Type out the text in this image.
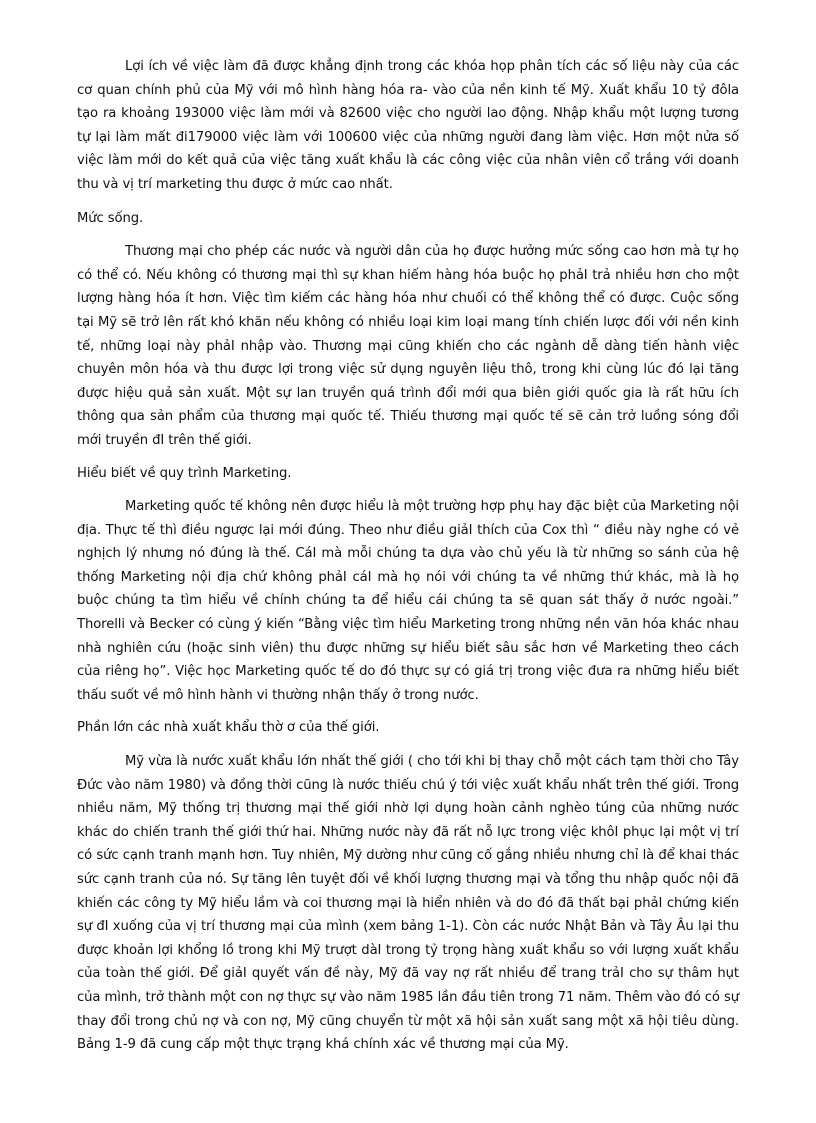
Lợi ích về việc làm đã được khẳng định trong các khóa họp phân tích các số liệu này của các cơ quan chính phủ của Mỹ với mô hình hàng hóa ra- vào của nền kinh tế Mỹ. Xuất khẩu 10 tỷ đôla tạo ra khoảng 193000 việc làm mới và 82600 việc cho người lao động. Nhập khẩu một lượng tương tự lại làm mất đi179000 việc làm với 100600 việc của những người đang làm việc. Hơn một nửa số việc làm mới do kết quả của việc tăng xuất khẩu là các công việc của nhân viên cổ trắng với doanh thu và vị trí marketing thu được ở mức cao nhất.

Mức sống.

Thương mại cho phép các nước và người dân của họ được hưởng mức sống cao hơn mà tự họ có thể có. Nếu không có thương mại thì sự khan hiếm hàng hóa buộc họ phảI trả nhiều hơn cho một lượng hàng hóa ít hơn. Việc tìm kiếm các hàng hóa như chuối có thể không thể có được. Cuộc sống tại Mỹ sẽ trở lên rất khó khăn nếu không có nhiều loại kim loại mang tính chiến lược đối với nền kinh tế, những loại này phảI nhập vào. Thương mại cũng khiến cho các ngành dễ dàng tiến hành việc chuyên môn hóa và thu được lợi trong việc sử dụng nguyên liệu thô, trong khi cùng lúc đó lại tăng được hiệu quả sản xuất. Một sự lan truyền quá trình đổi mới qua biên giới quốc gia là rất hữu ích thông qua sản phẩm của thương mại quốc tế. Thiếu thương mại quốc tế sẽ cản trở luồng sóng đổi mới truyền đI trên thế giới.

Hiểu biết về quy trình Marketing.

Marketing quốc tế không nên được hiểu là một trường hợp phụ hay đặc biệt của Marketing nội địa. Thực tế thì điều ngược lại mới đúng. Theo như điều giảI thích của Cox thì “ điều này nghe có vẻ nghịch lý nhưng nó đúng là thế. CáI mà mỗi chúng ta dựa vào chủ yếu là từ những so sánh của hệ thống Marketing nội địa chứ không phảI cáI mà họ nói với chúng ta về những thứ khác, mà là họ buộc chúng ta tìm hiểu về chính chúng ta để hiểu cái chúng ta sẽ quan sát thấy ở nước ngoài.” Thorelli và Becker có cùng ý kiến “Bằng việc tìm hiểu Marketing trong những nền văn hóa khác nhau nhà nghiên cứu (hoặc sinh viên) thu được những sự hiểu biết sâu sắc hơn về Marketing theo cách của riêng họ”. Việc học Marketing quốc tế do đó thực sự có giá trị trong việc đưa ra những hiểu biết thấu suốt về mô hình hành vi thường nhận thấy ở trong nước.

Phần lớn các nhà xuất khẩu thờ ơ của thế giới.

Mỹ vừa là nước xuất khẩu lớn nhất thế giới ( cho tới khi bị thay chỗ một cách tạm thời cho Tây Đức vào năm 1980) và đồng thời cũng là nước thiếu chú ý tới việc xuất khẩu nhất trên thế giới. Trong nhiều năm, Mỹ thống trị thương mại thế giới nhờ lợi dụng hoàn cảnh nghèo túng của những nước khác do chiến tranh thế giới thứ hai. Những nước này đã rất nỗ lực trong việc khôI phục lại một vị trí có sức cạnh tranh mạnh hơn. Tuy nhiên, Mỹ dường như cũng cố gắng nhiều nhưng chỉ là để khai thác sức cạnh tranh của nó. Sự tăng lên tuyệt đối về khối lượng thương mại và tổng thu nhập quốc nội đã khiến các công ty Mỹ hiểu lầm và coi thương mại là hiển nhiên và do đó đã thất bại phảI chứng kiến sự đI xuống của vị trí thương mại của mình (xem bảng 1-1). Còn các nước Nhật Bản và Tây Âu lại thu được khoản lợi khổng lồ trong khi Mỹ trượt dàI trong tỷ trọng hàng xuất khẩu so với lượng xuất khẩu của toàn thế giới. Để giảI quyết vấn đề này, Mỹ đã vay nợ rất nhiều để trang trảI cho sự thâm hụt của mình, trở thành một con nợ thực sự vào năm 1985 lần đầu tiên trong 71 năm. Thêm vào đó có sự thay đổi trong chủ nợ và con nợ, Mỹ cũng chuyển từ một xã hội sản xuất sang một xã hội tiêu dùng. Bảng 1-9 đã cung cấp một thực trạng khá chính xác về thương mại của Mỹ.
